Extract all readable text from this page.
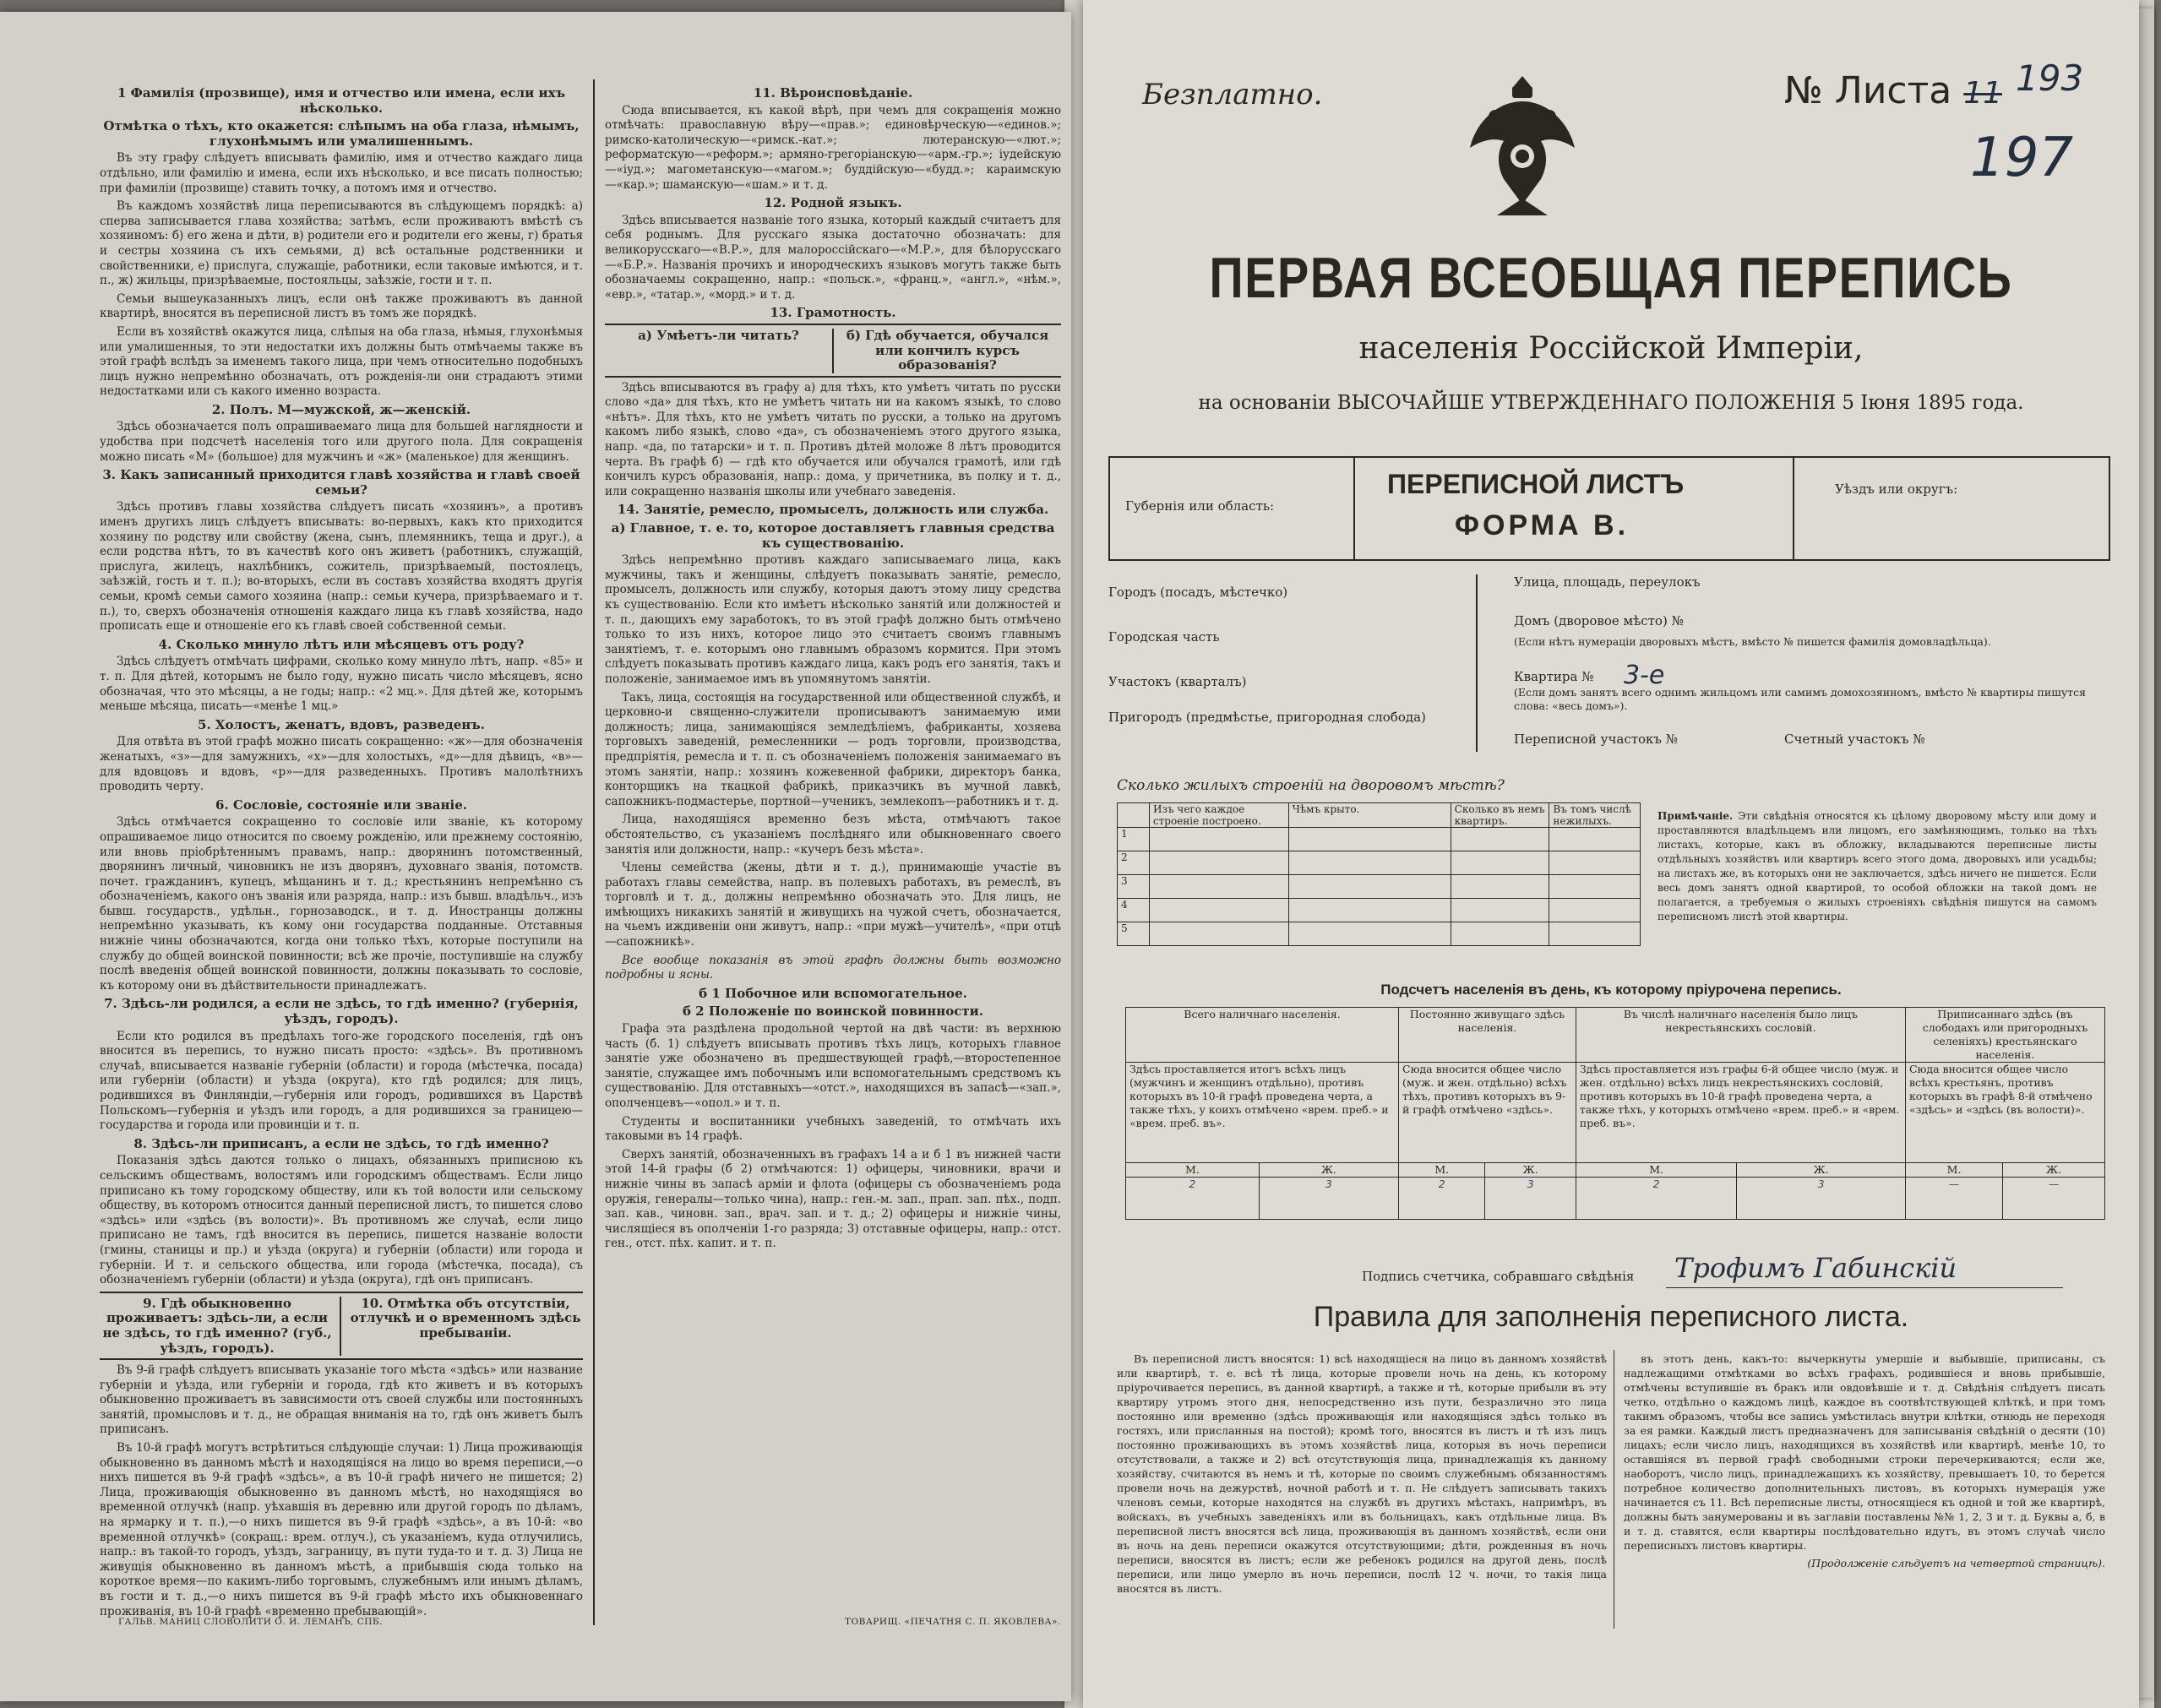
1 Фамилія (прозвище), имя и отчество или имена, если ихъ нѣсколько.

Отмѣтка о тѣхъ, кто окажется: слѣпымъ на оба глаза, нѣмымъ, глухонѣмымъ или умалишеннымъ.

Въ эту графу слѣдуетъ вписывать фамилію, имя и отчество каждаго лица отдѣльно, или фамилію и имена, если ихъ нѣсколько, и все писать полностью; при фамиліи (прозвище) ставить точку, а потомъ имя и отчество.

Въ каждомъ хозяйствѣ лица переписываются въ слѣдующемъ порядкѣ: а) сперва записывается глава хозяйства; затѣмъ, если проживаютъ вмѣстѣ съ хозяиномъ: б) его жена и дѣти, в) родители его и родители его жены, г) братья и сестры хозяина съ ихъ семьями, д) всѣ остальные родственники и свойственники, е) прислуга, служащіе, работники, если таковые имѣются, и т. п., ж) жильцы, призрѣваемые, постояльцы, заѣзжіе, гости и т. п.

Семьи вышеуказанныхъ лицъ, если онѣ также проживаютъ въ данной квартирѣ, вносятся въ переписной листъ въ томъ же порядкѣ.

Если въ хозяйствѣ окажутся лица, слѣпыя на оба глаза, нѣмыя, глухонѣмыя или умалишенныя, то эти недостатки ихъ должны быть отмѣчаемы также въ этой графѣ вслѣдъ за именемъ такого лица, при чемъ относительно подобныхъ лицъ нужно непремѣнно обозначать, отъ рожденія-ли они страдаютъ этими недостатками или съ какого именно возраста.

2. Полъ. М—мужской, ж—женскій.

Здѣсь обозначается полъ опрашиваемаго лица для большей наглядности и удобства при подсчетѣ населенія того или другого пола. Для сокращенія можно писать «М» (большое) для мужчинъ и «ж» (маленькое) для женщинъ.

3. Какъ записанный приходится главѣ хозяйства и главѣ своей семьи?

Здѣсь противъ главы хозяйства слѣдуетъ писать «хозяинъ», а противъ именъ другихъ лицъ слѣдуетъ вписывать: во-первыхъ, какъ кто приходится хозяину по родству или свойству (жена, сынъ, племянникъ, теща и друг.), а если родства нѣтъ, то въ качествѣ кого онъ живетъ (работникъ, служащій, прислуга, жилецъ, нахлѣбникъ, сожитель, призрѣваемый, постоялецъ, заѣзжій, гость и т. п.); во-вторыхъ, если въ составъ хозяйства входятъ другія семьи, кромѣ семьи самого хозяина (напр.: семьи кучера, призрѣваемаго и т. п.), то, сверхъ обозначенія отношенія каждаго лица къ главѣ хозяйства, надо прописать еще и отношеніе его къ главѣ своей собственной семьи.

4. Сколько минуло лѣтъ или мѣсяцевъ отъ роду?

Здѣсь слѣдуетъ отмѣчать цифрами, сколько кому минуло лѣтъ, напр. «85» и т. п. Для дѣтей, которымъ не было году, нужно писать число мѣсяцевъ, ясно обозначая, что это мѣсяцы, а не годы; напр.: «2 мц.». Для дѣтей же, которымъ меньше мѣсяца, писать—«менѣе 1 мц.»

5. Холостъ, женатъ, вдовъ, разведенъ.

Для отвѣта въ этой графѣ можно писать сокращенно: «ж»—для обозначенія женатыхъ, «з»—для замужнихъ, «х»—для холостыхъ, «д»—для дѣвицъ, «в»—для вдовцовъ и вдовъ, «р»—для разведенныхъ. Противъ малолѣтнихъ проводить черту.

6. Сословіе, состояніе или званіе.

Здѣсь отмѣчается сокращенно то сословіе или званіе, къ которому опрашиваемое лицо относится по своему рожденію, или прежнему состоянію, или вновь пріобрѣтеннымъ правамъ, напр.: дворянинъ потомственный, дворянинъ личный, чиновникъ не изъ дворянъ, духовнаго званія, потомств. почет. гражданинъ, купецъ, мѣщанинъ и т. д.; крестьянинъ непремѣнно съ обозначеніемъ, какого онъ званія или разряда, напр.: изъ бывш. владѣльч., изъ бывш. государств., удѣльн., горнозаводск., и т. д. Иностранцы должны непремѣнно указывать, къ кому они государства подданные. Отставныя нижніе чины обозначаются, когда они только тѣхъ, которые поступили на службу до общей воинской повинности; всѣ же прочіе, поступившіе на службу послѣ введенія общей воинской повинности, должны показывать то сословіе, къ которому они въ дѣйствительности принадлежатъ.

7. Здѣсь-ли родился, а если не здѣсь, то гдѣ именно? (губернія, уѣздъ, городъ).

Если кто родился въ предѣлахъ того-же городского поселенія, гдѣ онъ вносится въ перепись, то нужно писать просто: «здѣсь». Въ противномъ случаѣ, вписывается названіе губерніи (области) и города (мѣстечка, посада) или губерніи (области) и уѣзда (округа), кто гдѣ родился; для лицъ, родившихся въ Финляндіи,—губернія или городъ, родившихся въ Царствѣ Польскомъ—губернія и уѣздъ или городъ, а для родившихся за границею—государства и города или провинціи и т. п.

8. Здѣсь-ли приписанъ, а если не здѣсь, то гдѣ именно?

Показанія здѣсь даются только о лицахъ, обязанныхъ приписною къ сельскимъ обществамъ, волостямъ или городскимъ обществамъ. Если лицо приписано къ тому городскому обществу, или къ той волости или сельскому обществу, въ которомъ относится данный переписной листъ, то пишется слово «здѣсь» или «здѣсь (въ волости)». Въ противномъ же случаѣ, если лицо приписано не тамъ, гдѣ вносится въ перепись, пишется названіе волости (гмины, станицы и пр.) и уѣзда (округа) и губерніи (области) или города и губерніи. И т. и сельского общества, или города (мѣстечка, посада), съ обозначеніемъ губерніи (области) и уѣзда (округа), гдѣ онъ приписанъ.

9. Гдѣ обыкновенно проживаетъ: здѣсь-ли, а если не здѣсь, то гдѣ именно? (губ., уѣздъ, городъ).

10. Отмѣтка объ отсутствіи, отлучкѣ и о временномъ здѣсь пребываніи.

Въ 9-й графѣ слѣдуетъ вписывать указаніе того мѣста «здѣсь» или название губерніи и уѣзда, или губерніи и города, гдѣ кто живетъ и въ которыхъ обыкновенно проживаетъ въ зависимости отъ своей службы или постоянныхъ занятій, промысловъ и т. д., не обращая вниманія на то, гдѣ онъ живетъ былъ приписанъ.

Въ 10-й графѣ могутъ встрѣтиться слѣдующіе случаи: 1) Лица проживающія обыкновенно въ данномъ мѣстѣ и находящіяся на лицо во время переписи,—о нихъ пишется въ 9-й графѣ «здѣсь», а въ 10-й графѣ ничего не пишется; 2) Лица, проживающія обыкновенно въ данномъ мѣстѣ, но находящіяся во временной отлучкѣ (напр. уѣхавшія въ деревню или другой городъ по дѣламъ, на ярмарку и т. п.),—о нихъ пишется въ 9-й графѣ «здѣсь», а въ 10-й: «во временной отлучкѣ» (сокращ.: врем. отлуч.), съ указаніемъ, куда отлучились, напр.: въ такой-то городъ, уѣздъ, заграницу, въ пути туда-то и т. д. 3) Лица не живущія обыкновенно въ данномъ мѣстѣ, а прибывшія сюда только на короткое время—по какимъ-либо торговымъ, служебнымъ или инымъ дѣламъ, въ гости и т. д.,—о нихъ пишется въ 9-й графѣ мѣсто ихъ обыкновеннаго проживанія, въ 10-й графѣ «временно пребывающій».

11. Вѣроисповѣданіе.

Сюда вписывается, къ какой вѣрѣ, при чемъ для сокращенія можно отмѣчать: православную вѣру—«прав.»; единовѣрческую—«единов.»; римско-католическую—«римск.-кат.»; лютеранскую—«лют.»; реформатскую—«реформ.»; армяно-грегоріанскую—«арм.-гр.»; іудейскую—«іуд.»; магометанскую—«магом.»; буддійскую—«будд.»; караимскую—«кар.»; шаманскую—«шам.» и т. д.

12. Родной языкъ.

Здѣсь вписывается названіе того языка, который каждый считаетъ для себя роднымъ. Для русскаго языка достаточно обозначать: для великорусскаго—«В.Р.», для малороссійскаго—«М.Р.», для бѣлорусскаго—«Б.Р.». Названія прочихъ и инородческихъ языковъ могутъ также быть обозначаемы сокращенно, напр.: «польск.», «франц.», «англ.», «нѣм.», «евр.», «татар.», «морд.» и т. д.

13. Грамотность.

а) Умѣетъ-ли читать?	б) Гдѣ обучается, обучался или кончилъ курсъ образованія?

Здѣсь вписываются въ графу а) для тѣхъ, кто умѣетъ читать по русски слово «да» для тѣхъ, кто не умѣетъ читать ни на какомъ языкѣ, то слово «нѣтъ». Для тѣхъ, кто не умѣетъ читать по русски, а только на другомъ какомъ либо языкѣ, слово «да», съ обозначеніемъ этого другого языка, напр. «да, по татарски» и т. п. Противъ дѣтей моложе 8 лѣтъ проводится черта. Въ графѣ б) — гдѣ кто обучается или обучался грамотѣ, или гдѣ кончилъ курсъ образованія, напр.: дома, у причетника, въ полку и т. д., или сокращенно названія школы или учебнаго заведенія.

14. Занятіе, ремесло, промыселъ, должность или служба.

а) Главное, т. е. то, которое доставляетъ главныя средства къ существованію.

Здѣсь непремѣнно противъ каждаго записываемаго лица, какъ мужчины, такъ и женщины, слѣдуетъ показывать занятіе, ремесло, промыселъ, должность или службу, которыя даютъ этому лицу средства къ существованію. Если кто имѣетъ нѣсколько занятій или должностей и т. п., дающихъ ему заработокъ, то въ этой графѣ должно быть отмѣчено только то изъ нихъ, которое лицо это считаетъ своимъ главнымъ занятіемъ, т. е. которымъ оно главнымъ образомъ кормится. При этомъ слѣдуетъ показывать противъ каждаго лица, какъ родъ его занятія, такъ и положеніе, занимаемое имъ въ упомянутомъ занятіи.

Такъ, лица, состоящія на государственной или общественной службѣ, и церковно-и священно-служители прописываютъ занимаемую ими должность; лица, занимающіяся земледѣліемъ, фабриканты, хозяева торговыхъ заведеній, ремесленники — родъ торговли, производства, предпріятія, ремесла и т. п. съ обозначеніемъ положенія занимаемаго въ этомъ занятіи, напр.: хозяинъ кожевенной фабрики, директоръ банка, конторщикъ на ткацкой фабрикѣ, приказчикъ въ мучной лавкѣ, сапожникъ-подмастерье, портной—ученикъ, землекопъ—работникъ и т. д.

Лица, находящіяся временно безъ мѣста, отмѣчаютъ такое обстоятельство, съ указаніемъ послѣдняго или обыкновеннаго своего занятія или должности, напр.: «кучеръ безъ мѣста».

Члены семейства (жены, дѣти и т. д.), принимающіе участіе въ работахъ главы семейства, напр. въ полевыхъ работахъ, въ ремеслѣ, въ торговлѣ и т. д., должны непремѣнно обозначать это. Для лицъ, не имѣющихъ никакихъ занятій и живущихъ на чужой счетъ, обозначается, на чьемъ иждивеніи они живутъ, напр.: «при мужѣ—учителѣ», «при отцѣ—сапожникѣ».

Все вообще показанія въ этой графѣ должны быть возможно подробны и ясны.

б 1 Побочное или вспомогательное.

б 2 Положеніе по воинской повинности.

Графа эта раздѣлена продольной чертой на двѣ части: въ верхнюю часть (б. 1) слѣдуетъ вписывать противъ тѣхъ лицъ, которыхъ главное занятіе уже обозначено въ предшествующей графѣ,—второстепенное занятіе, служащее имъ побочнымъ или вспомогательнымъ средствомъ къ существованію. Для отставныхъ—«отст.», находящихся въ запасѣ—«зап.», ополченцевъ—«опол.» и т. п.

Студенты и воспитанники учебныхъ заведеній, то отмѣчать ихъ таковыми въ 14 графѣ.

Сверхъ занятій, обозначенныхъ въ графахъ 14 а и б 1 въ нижней части этой 14-й графы (б 2) отмѣчаются: 1) офицеры, чиновники, врачи и нижніе чины въ запасѣ арміи и флота (офицеры съ обозначеніемъ рода оружія, генералы—только чина), напр.: ген.-м. зап., прап. зап. пѣх., подп. зап. кав., чиновн. зап., врач. зап. и т. д.; 2) офицеры и нижніе чины, числящіеся въ ополченіи 1-го разряда; 3) отставные офицеры, напр.: отст. ген., отст. пѣх. капит. и т. п.

ГАЛЬВ. МАНИЦ СЛОВОЛИТИ О. И. ЛЕМАНЪ, СПБ.	ТОВАРИЩ. «ПЕЧАТНЯ С. П. ЯКОВЛЕВА».
Безплатно.	№ Листа 11 193
197
ПЕРВАЯ ВСЕОБЩАЯ ПЕРЕПИСЬ
населенія Россійской Имперіи,
на основаніи ВЫСОЧАЙШЕ УТВЕРЖДЕННАГО ПОЛОЖЕНІЯ 5 Іюня 1895 года.
Губернія или область:
ПЕРЕПИСНОЙ ЛИСТЪ
ФОРМА В.
Уѣздъ или округъ:
Городъ (посадъ, мѣстечко)
Городская часть
Участокъ (кварталъ)
Пригородъ (предмѣстье, пригородная слобода)
Улица, площадь, переулокъ
Домъ (дворовое мѣсто) №
(Если нѣтъ нумераціи дворовыхъ мѣстъ, вмѣсто № пишется фамилія домовладѣльца).
Квартира № 3-е
(Если домъ занятъ всего однимъ жильцомъ или самимъ домохозяиномъ, вмѣсто № квартиры пишутся слова: «весь домъ»).
Переписной участокъ №	Счетный участокъ №
Сколько жилыхъ строеній на дворовомъ мѣстѣ?
	Изъ чего каждое строеніе построено.	Чѣмъ крыто.	Сколько въ немъ квартиръ.	Въ томъ числѣ нежилыхъ.
1				
2				
3				
4				
5				
Примѣчаніе. Эти свѣдѣнія относятся къ цѣлому дворовому мѣсту или дому и проставляются владѣльцемъ или лицомъ, его замѣняющимъ, только на тѣхъ листахъ, которые, какъ въ обложку, вкладываются переписные листы отдѣльныхъ хозяйствъ или квартиръ всего этого дома, дворовыхъ или усадьбы; на листахъ же, въ которыхъ они не заключается, здѣсь ничего не пишется. Если весь домъ занятъ одной квартирой, то особой обложки на такой домъ не полагается, а требуемыя о жилыхъ строеніяхъ свѣдѣнія пишутся на самомъ переписномъ листѣ этой квартиры.
Подсчетъ населенія въ день, къ которому пріурочена перепись.
Всего наличнаго населенія.		Постоянно живущаго здѣсь населенія.		Въ числѣ наличнаго населенія было лицъ некрестьянскихъ сословій.		Приписаннаго здѣсь (въ слободахъ или пригородныхъ селеніяхъ) крестьянскаго населенія.	
Здѣсь проставляется итогъ всѣхъ лицъ (мужчинъ и женщинъ отдѣльно), противъ которыхъ въ 10-й графѣ проведена черта, а также тѣхъ, у коихъ отмѣчено «врем. преб.» и «врем. преб. въ».		Сюда вносится общее число (муж. и жен. отдѣльно) всѣхъ тѣхъ, противъ которыхъ въ 9-й графѣ отмѣчено «здѣсь».		Здѣсь проставляется изъ графы 6-й общее число (муж. и жен. отдѣльно) всѣхъ лицъ некрестьянскихъ сословій, противъ которыхъ въ 10-й графѣ проведена черта, а также тѣхъ, у которыхъ отмѣчено «врем. преб.» и «врем. преб. въ».		Сюда вносится общее число всѣхъ крестьянъ, противъ которыхъ въ графѣ 8-й отмѣчено «здѣсь» и «здѣсь (въ волости)».	
М.	Ж.	М.	Ж.	М.	Ж.	М.	Ж.
2	3	2	3	2	3	—	—
Подпись счетчика, собравшаго свѣдѣнія Трофимъ Габинскій
Правила для заполненія переписного листа.

Въ переписной листъ вносятся: 1) всѣ находящіеся на лицо въ данномъ хозяйствѣ или квартирѣ, т. е. всѣ тѣ лица, которые провели ночь на день, къ которому пріурочивается перепись, въ данной квартирѣ, а также и тѣ, которые прибыли въ эту квартиру утромъ этого дня, непосредственно изъ пути, безразлично это лица постоянно или временно (здѣсь проживающія или находящіяся здѣсь только въ гостяхъ, или присланныя на постой); кромѣ того, вносятся въ листъ и тѣ изъ лицъ постоянно проживающихъ въ этомъ хозяйствѣ лица, которыя въ ночь переписи отсутствовали, а также и 2) всѣ отсутствующія лица, принадлежащія къ данному хозяйству, считаются въ немъ и тѣ, которые по своимъ служебнымъ обязанностямъ провели ночь на дежурствѣ, ночной работѣ и т. п. Не слѣдуетъ записывать такихъ членовъ семьи, которые находятся на службѣ въ другихъ мѣстахъ, напримѣръ, въ войскахъ, въ учебныхъ заведеніяхъ или въ больницахъ, какъ отдѣльные лица. Въ переписной листъ вносятся всѣ лица, проживающія въ данномъ хозяйствѣ, если они въ ночь на день переписи окажутся отсутствующими; дѣти, рожденныя въ ночь переписи, вносятся въ листъ; если же ребенокъ родился на другой день, послѣ переписи, или лицо умерло въ ночь переписи, послѣ 12 ч. ночи, то такія лица вносятся въ листъ.

въ этотъ день, какъ-то: вычеркнуты умершіе и выбывшіе, приписаны, съ надлежащими отмѣтками во всѣхъ графахъ, родившіеся и вновь прибывшіе, отмѣчены вступившіе въ бракъ или овдовѣвшіе и т. д. Свѣдѣнія слѣдуетъ писать четко, отдѣльно о каждомъ лицѣ, каждое въ соотвѣтствующей клѣткѣ, и при томъ такимъ образомъ, чтобы все запись умѣстилась внутри клѣтки, отнюдь не переходя за ея рамки. Каждый листъ предназначенъ для записыванія свѣдѣній о десяти (10) лицахъ; если число лицъ, находящихся въ хозяйствѣ или квартирѣ, менѣе 10, то оставшіяся въ первой графѣ свободными строки перечеркиваются; если же, наоборотъ, число лицъ, принадлежащихъ къ хозяйству, превышаетъ 10, то берется потребное количество дополнительныхъ листовъ, въ которыхъ нумерація уже начинается съ 11. Всѣ переписные листы, относящіеся къ одной и той же квартирѣ, должны быть занумерованы и въ заглавіи поставлены №№ 1, 2, 3 и т. д. Буквы а, б, в и т. д. ставятся, если квартиры послѣдовательно идутъ, въ этомъ случаѣ число переписныхъ листовъ квартиры.

(Продолженіе слѣдуетъ на четвертой страницѣ).
